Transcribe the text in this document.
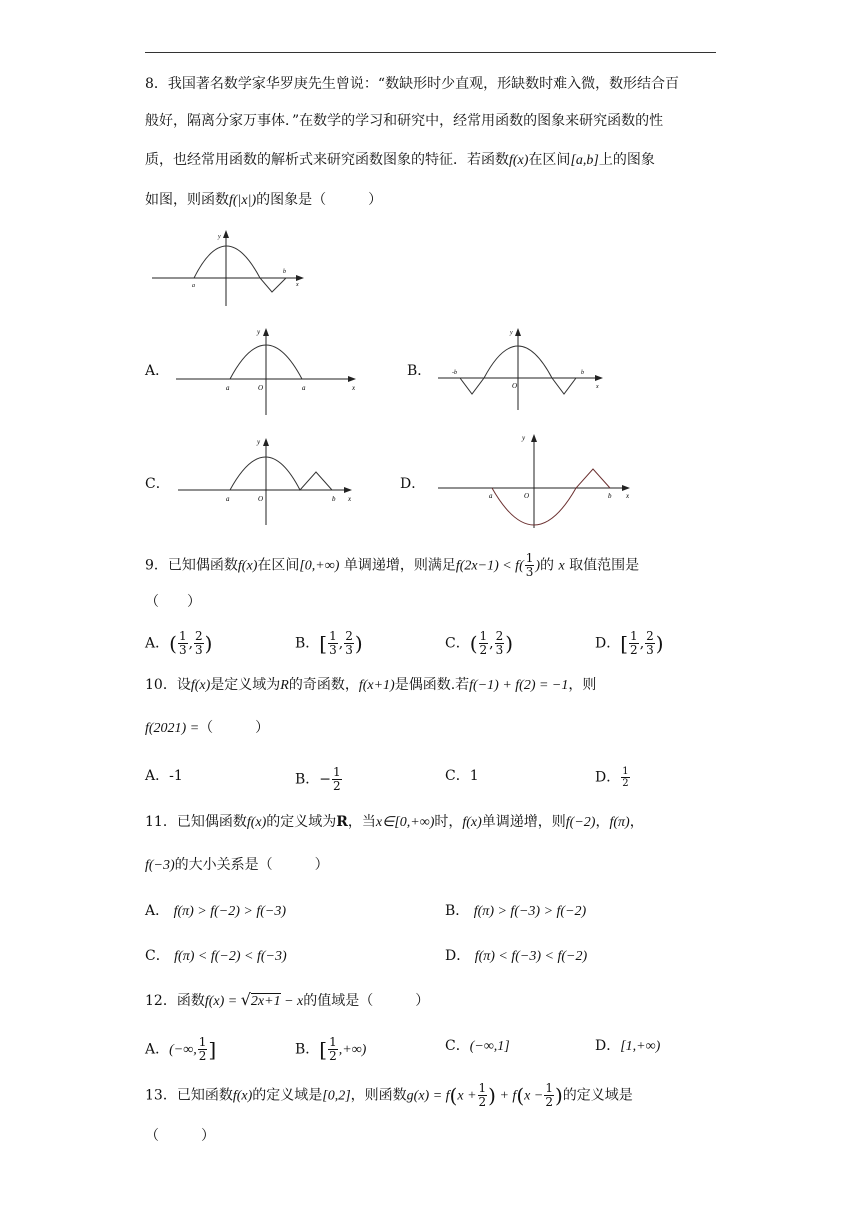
8．我国著名数学家华罗庚先生曾说：“数缺形时少直观，形缺数时难入微，数形结合百
般好，隔离分家万事体．”在数学的学习和研究中，经常用函数的图象来研究函数的性
质，也经常用函数的解析式来研究函数图象的特征．若函数f(x)在区间[a,b]上的图象
如图，则函数f(|x|)的图象是（　　　）
a
b
x
y
A．
a	O	a	x
y
B．	-b
O
b
x
y
C．
a	O	b x
y
D．
a	O	b x
y
9．已知偶函数f(x)在区间[0,+∞) 单调递增，则满足$f(2x-1) < f( \frac{1}{3}$ )的 x 取值范围是
（　　）
A．( $\frac{1}{3}$ , $\frac{2}{3}$ )	B．[ $\frac{1}{3}$ , $\frac{2}{3}$ )	C．( $\frac{1}{2}$ , $\frac{2}{3}$ )	D．[ $\frac{1}{2}$ , $\frac{2}{3}$ )
10．设f(x)是定义域为R的奇函数，f(x+1)是偶函数.若f(−1) + f(2) = −1，则
f(2021) =（　　　）
A．-1	B．− $\frac{1}{2}$	C．1	D． $\frac{1}{2}$
11．已知偶函数f(x)的定义域为R，当x∈[0,+∞)时，f(x)单调递增，则f(−2)，f(π)，
f(−3)的大小关系是（　　　）
A． f(π) > f(−2) > f(−3)	B． f(π) > f(−3) > f(−2)
C． f(π) < f(−2) < f(−3)	D． f(π) < f(−3) < f(−2)
12．函数f(x) = √2x+1 − x的值域是（　　　）
A．(−∞, $\frac{1}{2}$ ]	B．[ $\frac{1}{2}$ ,+∞)	C．(−∞,1]	D．[1,+∞)
13．已知函数f(x)的定义域是[0,2]，则函数$g(x) = f(x + \frac{1}{2}$ ) + $f(x - \frac{1}{2}$ )的定义域是
（　　　）
